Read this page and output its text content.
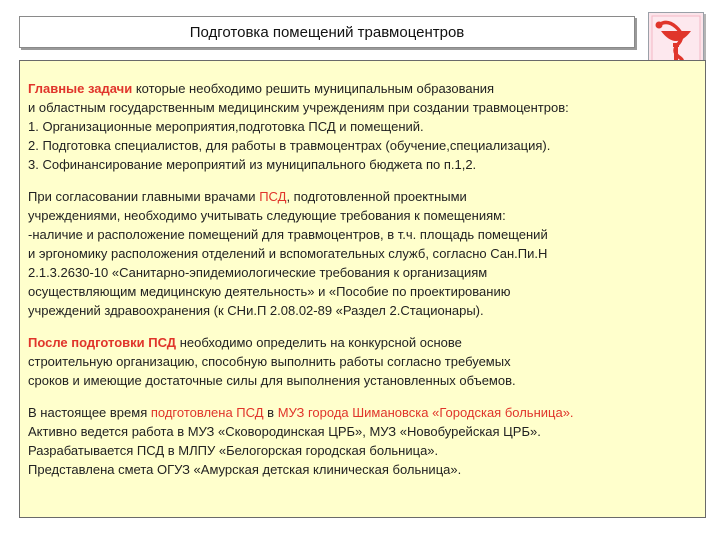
Подготовка помещений травмоцентров
Главные задачи которые необходимо решить муниципальным образования
и областным государственным медицинским учреждениям при создании травмоцентров:
1. Организационные мероприятия,подготовка ПСД и помещений.
2. Подготовка специалистов, для работы в травмоцентрах (обучение,специализация).
3. Софинансирование мероприятий из муниципального бюджета по п.1,2.
При согласовании главными врачами ПСД, подготовленной проектными
учреждениями, необходимо учитывать следующие требования к помещениям:
-наличие и расположение помещений для травмоцентров, в т.ч. площадь помещений
и эргономику расположения отделений и вспомогательных служб, согласно Сан.Пи.Н
2.1.3.2630-10 «Санитарно-эпидемиологические требования к организациям
осуществляющим медицинскую деятельность» и «Пособие по проектированию
учреждений здравоохранения (к СНи.П 2.08.02-89 «Раздел 2.Стационары).
После подготовки ПСД необходимо определить на конкурсной основе
строительную организацию, способную выполнить работы согласно требуемых
сроков и имеющие достаточные силы для выполнения установленных объемов.
В настоящее время подготовлена ПСД в МУЗ города Шимановска «Городская больница».
Активно ведется работа в МУЗ «Сковородинская ЦРБ», МУЗ «Новобурейская ЦРБ».
Разрабатывается ПСД в МЛПУ «Белогорская городская больница».
Представлена смета ОГУЗ «Амурская детская клиническая больница».
